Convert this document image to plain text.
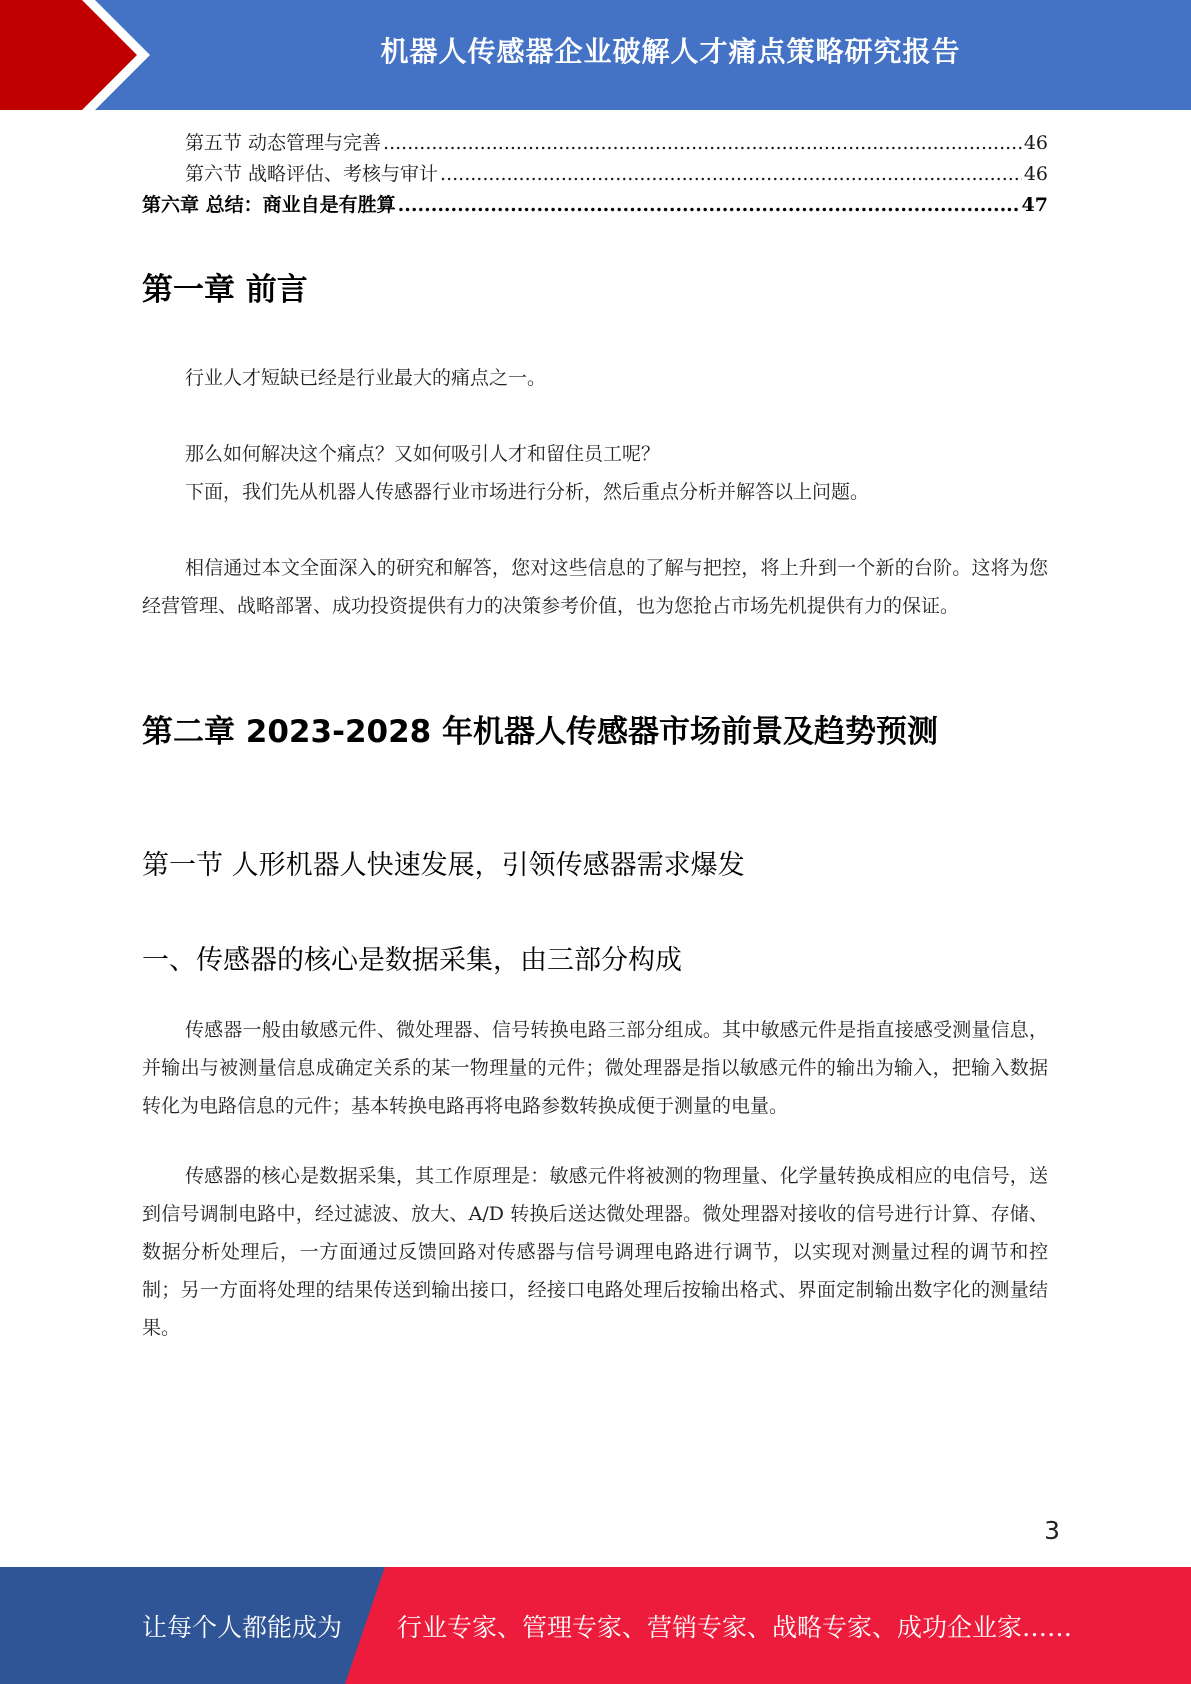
机器人传感器企业破解人才痛点策略研究报告
第五节 动态管理与完善 .....	46
第六节 战略评估、考核与审计 .....	46
第六章 总结：商业自是有胜算 .....	47
第一章 前言
行业人才短缺已经是行业最大的痛点之一。
那么如何解决这个痛点？又如何吸引人才和留住员工呢？
下面，我们先从机器人传感器行业市场进行分析，然后重点分析并解答以上问题。
相信通过本文全面深入的研究和解答，您对这些信息的了解与把控，将上升到一个新的台阶。这将为您经营管理、战略部署、成功投资提供有力的决策参考价值，也为您抢占市场先机提供有力的保证。
第二章 2023-2028 年机器人传感器市场前景及趋势预测
第一节 人形机器人快速发展，引领传感器需求爆发
一、传感器的核心是数据采集，由三部分构成
传感器一般由敏感元件、微处理器、信号转换电路三部分组成。其中敏感元件是指直接感受测量信息，并输出与被测量信息成确定关系的某一物理量的元件；微处理器是指以敏感元件的输出为输入，把输入数据转化为电路信息的元件；基本转换电路再将电路参数转换成便于测量的电量。
传感器的核心是数据采集，其工作原理是：敏感元件将被测的物理量、化学量转换成相应的电信号，送到信号调制电路中，经过滤波、放大、A/D 转换后送达微处理器。微处理器对接收的信号进行计算、存储、数据分析处理后，一方面通过反馈回路对传感器与信号调理电路进行调节，以实现对测量过程的调节和控制；另一方面将处理的结果传送到输出接口，经接口电路处理后按输出格式、界面定制输出数字化的测量结果。
3
让每个人都能成为 行业专家、管理专家、营销专家、战略专家、成功企业家……
